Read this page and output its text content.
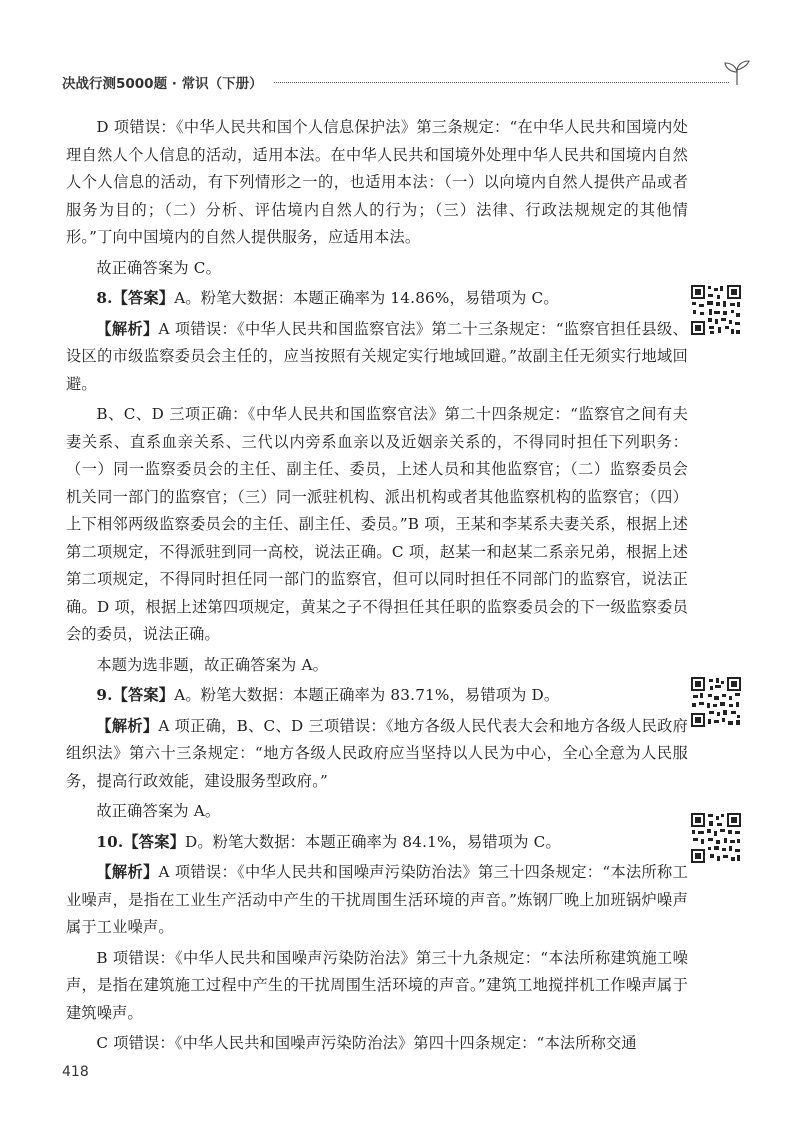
决战行测5000题 · 常识（下册）

D 项错误：《中华人民共和国个人信息保护法》第三条规定：“在中华人民共和国境内处理自然人个人信息的活动，适用本法。在中华人民共和国境外处理中华人民共和国境内自然人个人信息的活动，有下列情形之一的，也适用本法：（一）以向境内自然人提供产品或者服务为目的；（二）分析、评估境内自然人的行为；（三）法律、行政法规规定的其他情形。”丁向中国境内的自然人提供服务，应适用本法。

故正确答案为 C。

8.【答案】A。粉笔大数据：本题正确率为 14.86%，易错项为 C。

【解析】A 项错误：《中华人民共和国监察官法》第二十三条规定：“监察官担任县级、设区的市级监察委员会主任的，应当按照有关规定实行地域回避。”故副主任无须实行地域回避。

B、C、D 三项正确：《中华人民共和国监察官法》第二十四条规定：“监察官之间有夫妻关系、直系血亲关系、三代以内旁系血亲以及近姻亲关系的，不得同时担任下列职务：（一）同一监察委员会的主任、副主任、委员，上述人员和其他监察官；（二）监察委员会机关同一部门的监察官；（三）同一派驻机构、派出机构或者其他监察机构的监察官；（四）上下相邻两级监察委员会的主任、副主任、委员。”B 项，王某和李某系夫妻关系，根据上述第二项规定，不得派驻到同一高校，说法正确。C 项，赵某一和赵某二系亲兄弟，根据上述第二项规定，不得同时担任同一部门的监察官，但可以同时担任不同部门的监察官，说法正确。D 项，根据上述第四项规定，黄某之子不得担任其任职的监察委员会的下一级监察委员会的委员，说法正确。

本题为选非题，故正确答案为 A。

9.【答案】A。粉笔大数据：本题正确率为 83.71%，易错项为 D。

【解析】A 项正确，B、C、D 三项错误：《地方各级人民代表大会和地方各级人民政府组织法》第六十三条规定：“地方各级人民政府应当坚持以人民为中心，全心全意为人民服务，提高行政效能，建设服务型政府。”

故正确答案为 A。

10.【答案】D。粉笔大数据：本题正确率为 84.1%，易错项为 C。

【解析】A 项错误：《中华人民共和国噪声污染防治法》第三十四条规定：“本法所称工业噪声，是指在工业生产活动中产生的干扰周围生活环境的声音。”炼钢厂晚上加班锅炉噪声属于工业噪声。

B 项错误：《中华人民共和国噪声污染防治法》第三十九条规定：“本法所称建筑施工噪声，是指在建筑施工过程中产生的干扰周围生活环境的声音。”建筑工地搅拌机工作噪声属于建筑噪声。

C 项错误：《中华人民共和国噪声污染防治法》第四十四条规定：“本法所称交通

418
